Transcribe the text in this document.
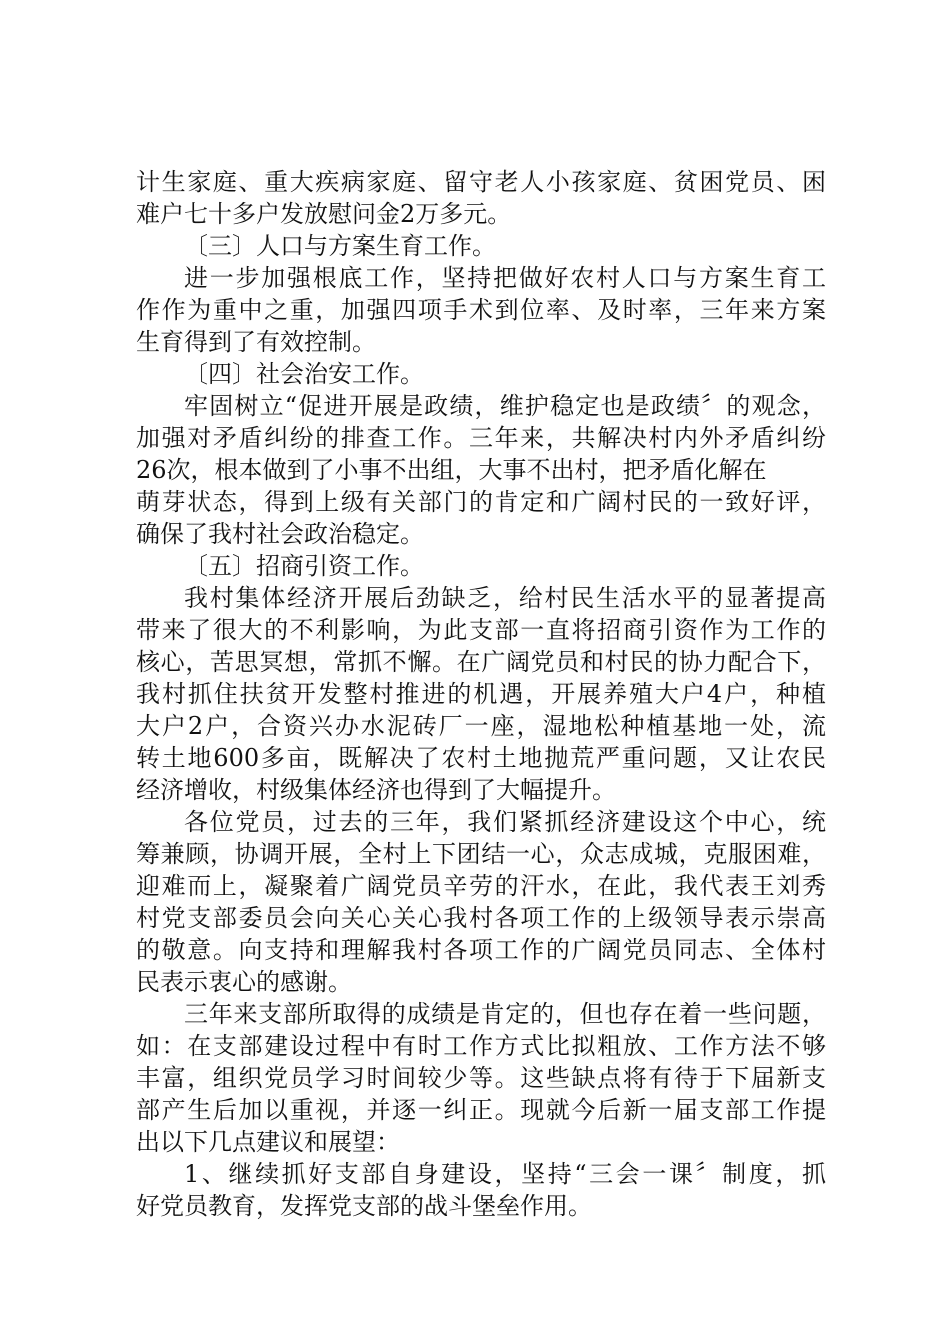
计生家庭、重大疾病家庭、留守老人小孩家庭、贫困党员、困
难户七十多户发放慰问金2万多元。
〔三〕人口与方案生育工作。
进一步加强根底工作，坚持把做好农村人口与方案生育工
作作为重中之重，加强四项手术到位率、及时率，三年来方案
生育得到了有效控制。
〔四〕社会治安工作。
牢固树立“促进开展是政绩，维护稳定也是政绩〞的观念，
加强对矛盾纠纷的排查工作。三年来，共解决村内外矛盾纠纷
26次，根本做到了小事不出组，大事不出村，把矛盾化解在
萌芽状态，得到上级有关部门的肯定和广阔村民的一致好评，
确保了我村社会政治稳定。
〔五〕招商引资工作。
我村集体经济开展后劲缺乏，给村民生活水平的显著提高
带来了很大的不利影响，为此支部一直将招商引资作为工作的
核心，苦思冥想，常抓不懈。在广阔党员和村民的协力配合下，
我村抓住扶贫开发整村推进的机遇，开展养殖大户4户，种植
大户2户，合资兴办水泥砖厂一座，湿地松种植基地一处，流
转土地600多亩，既解决了农村土地抛荒严重问题，又让农民
经济增收，村级集体经济也得到了大幅提升。
各位党员，过去的三年，我们紧抓经济建设这个中心，统
筹兼顾，协调开展，全村上下团结一心，众志成城，克服困难，
迎难而上，凝聚着广阔党员辛劳的汗水，在此，我代表王刘秀
村党支部委员会向关心关心我村各项工作的上级领导表示崇高
的敬意。向支持和理解我村各项工作的广阔党员同志、全体村
民表示衷心的感谢。
三年来支部所取得的成绩是肯定的，但也存在着一些问题，
如：在支部建设过程中有时工作方式比拟粗放、工作方法不够
丰富，组织党员学习时间较少等。这些缺点将有待于下届新支
部产生后加以重视，并逐一纠正。现就今后新一届支部工作提
出以下几点建议和展望：
1、继续抓好支部自身建设，坚持“三会一课〞制度，抓
好党员教育，发挥党支部的战斗堡垒作用。
